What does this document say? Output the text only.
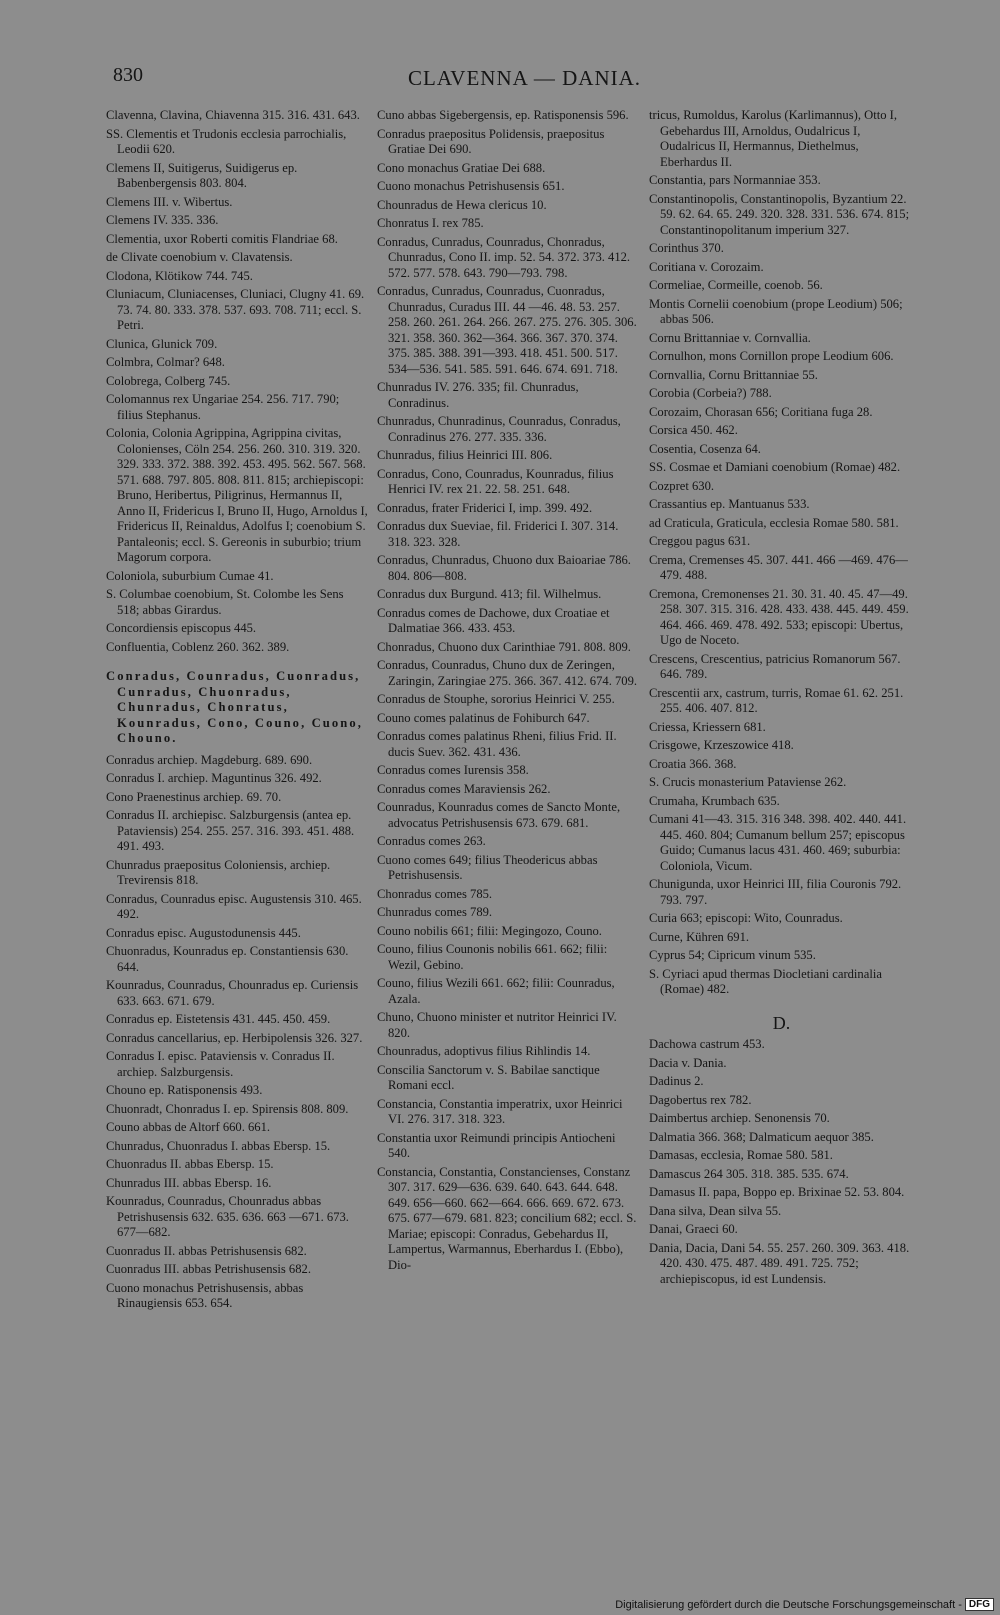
830	CLAVENNA — DANIA.
Clavenna, Clavina, Chiavenna 315. 316. 431. 643.
SS. Clementis et Trudonis ecclesia parrochialis, Leodii 620.
Clemens II, Suitigerus, Suidigerus ep. Babenbergensis 803. 804.
Clemens III. v. Wibertus.
Clemens IV. 335. 336.
Clementia, uxor Roberti comitis Flandriae 68.
de Clivate coenobium v. Clavatensis.
Clodona, Klötikow 744. 745.
Cluniacum, Cluniacenses, Cluniaci, Clugny 41. 69. 73. 74. 80. 333. 378. 537. 693. 708. 711; eccl. S. Petri.
Clunica, Glunick 709.
Colmbra, Colmar? 648.
Colobrega, Colberg 745.
Colomannus rex Ungariae 254. 256. 717. 790; filius Stephanus.
Colonia, Colonia Agrippina, Agrippina civitas, Colonienses, Cöln 254. 256. 260. 310. 319. 320. 329. 333. 372. 388. 392. 453. 495. 562. 567. 568. 571. 688. 797. 805. 808. 811. 815; archiepiscopi: Bruno, Heribertus, Piligrinus, Hermannus II, Anno II, Fridericus I, Bruno II, Hugo, Arnoldus I, Fridericus II, Reinaldus, Adolfus I; coenobium S. Pantaleonis; eccl. S. Gereonis in suburbio; trium Magorum corpora.
Coloniola, suburbium Cumae 41.
S. Columbae coenobium, St. Colombe les Sens 518; abbas Girardus.
Concordiensis episcopus 445.
Confluentia, Coblenz 260. 362. 389.
Conradus, Counradus, Cuonradus, Cunradus, Chuonradus, Chunradus, Chonratus, Kounradus, Cono, Couno, Cuono, Chouno.
Conradus archiep. Magdeburg. 689. 690.
Conradus I. archiep. Maguntinus 326. 492.
Cono Praenestinus archiep. 69. 70.
Conradus II. archiepisc. Salzburgensis (antea ep. Pataviensis) 254. 255. 257. 316. 393. 451. 488. 491. 493.
Chunradus praepositus Coloniensis, archiep. Trevirensis 818.
Conradus, Counradus episc. Augustensis 310. 465. 492.
Conradus episc. Augustodunensis 445.
Chuonradus, Kounradus ep. Constantiensis 630. 644.
Kounradus, Counradus, Chounradus ep. Curiensis 633. 663. 671. 679.
Conradus ep. Eistetensis 431. 445. 450. 459.
Conradus cancellarius, ep. Herbipolensis 326. 327.
Conradus I. episc. Pataviensis v. Conradus II. archiep. Salzburgensis.
Chouno ep. Ratisponensis 493.
Chuonradt, Chonradus I. ep. Spirensis 808. 809.
Couno abbas de Altorf 660. 661.
Chunradus, Chuonradus I. abbas Ebersp. 15.
Chuonradus II. abbas Ebersp. 15.
Chunradus III. abbas Ebersp. 16.
Kounradus, Counradus, Chounradus abbas Petrishusensis 632. 635. 636. 663 —671. 673. 677—682.
Cuonradus II. abbas Petrishusensis 682.
Cuonradus III. abbas Petrishusensis 682.
Cuono monachus Petrishusensis, abbas Rinaugiensis 653. 654.
Cuno abbas Sigebergensis, ep. Ratisponensis 596.
Conradus praepositus Polidensis, praepositus Gratiae Dei 690.
Cono monachus Gratiae Dei 688.
Cuono monachus Petrishusensis 651.
Chounradus de Hewa clericus 10.
Chonratus I. rex 785.
Conradus, Cunradus, Counradus, Chonradus, Chunradus, Cono II. imp. 52. 54. 372. 373. 412. 572. 577. 578. 643. 790—793. 798.
Conradus, Cunradus, Counradus, Cuonradus, Chunradus, Curadus III. 44 —46. 48. 53. 257. 258. 260. 261. 264. 266. 267. 275. 276. 305. 306. 321. 358. 360. 362—364. 366. 367. 370. 374. 375. 385. 388. 391—393. 418. 451. 500. 517. 534—536. 541. 585. 591. 646. 674. 691. 718.
Chunradus IV. 276. 335; fil. Chunradus, Conradinus.
Chunradus, Chunradinus, Counradus, Conradus, Conradinus 276. 277. 335. 336.
Chunradus, filius Heinrici III. 806.
Conradus, Cono, Counradus, Kounradus, filius Henrici IV. rex 21. 22. 58. 251. 648.
Conradus, frater Friderici I, imp. 399. 492.
Conradus dux Sueviae, fil. Friderici I. 307. 314. 318. 323. 328.
Conradus, Chunradus, Chuono dux Baioariae 786. 804. 806—808.
Conradus dux Burgund. 413; fil. Wilhelmus.
Conradus comes de Dachowe, dux Croatiae et Dalmatiae 366. 433. 453.
Chonradus, Chuono dux Carinthiae 791. 808. 809.
Conradus, Counradus, Chuno dux de Zeringen, Zaringin, Zaringiae 275. 366. 367. 412. 674. 709.
Conradus de Stouphe, sororius Heinrici V. 255.
Couno comes palatinus de Fohiburch 647.
Conradus comes palatinus Rheni, filius Frid. II. ducis Suev. 362. 431. 436.
Conradus comes Iurensis 358.
Conradus comes Maraviensis 262.
Counradus, Kounradus comes de Sancto Monte, advocatus Petrishusensis 673. 679. 681.
Conradus comes 263.
Cuono comes 649; filius Theodericus abbas Petrishusensis.
Chonradus comes 785.
Chunradus comes 789.
Couno nobilis 661; filii: Megingozo, Couno.
Couno, filius Counonis nobilis 661. 662; filii: Wezil, Gebino.
Couno, filius Wezili 661. 662; filii: Counradus, Azala.
Chuno, Chuono minister et nutritor Heinrici IV. 820.
Chounradus, adoptivus filius Rihlindis 14.
Conscilia Sanctorum v. S. Babilae sanctique Romani eccl.
Constancia, Constantia imperatrix, uxor Heinrici VI. 276. 317. 318. 323.
Constantia uxor Reimundi principis Antiocheni 540.
Constancia, Constantia, Constancienses, Constanz 307. 317. 629—636. 639. 640. 643. 644. 648. 649. 656—660. 662—664. 666. 669. 672. 673. 675. 677—679. 681. 823; concilium 682; eccl. S. Mariae; episcopi: Conradus, Gebehardus II, Lampertus, Warmannus, Eberhardus I. (Ebbo), Dio-
tricus, Rumoldus, Karolus (Karlimannus), Otto I, Gebehardus III, Arnoldus, Oudalricus I, Oudalricus II, Hermannus, Diethelmus, Eberhardus II.
Constantia, pars Normanniae 353.
Constantinopolis, Constantinopolis, Byzantium 22. 59. 62. 64. 65. 249. 320. 328. 331. 536. 674. 815; Constantinopolitanum imperium 327.
Corinthus 370.
Coritiana v. Corozaim.
Cormeliae, Cormeille, coenob. 56.
Montis Cornelii coenobium (prope Leodium) 506; abbas 506.
Cornu Brittanniae v. Cornvallia.
Cornulhon, mons Cornillon prope Leodium 606.
Cornvallia, Cornu Brittanniae 55.
Corobia (Corbeia?) 788.
Corozaim, Chorasan 656; Coritiana fuga 28.
Corsica 450. 462.
Cosentia, Cosenza 64.
SS. Cosmae et Damiani coenobium (Romae) 482.
Cozpret 630.
Crassantius ep. Mantuanus 533.
ad Craticula, Graticula, ecclesia Romae 580. 581.
Creggou pagus 631.
Crema, Cremenses 45. 307. 441. 466 —469. 476—479. 488.
Cremona, Cremonenses 21. 30. 31. 40. 45. 47—49. 258. 307. 315. 316. 428. 433. 438. 445. 449. 459. 464. 466. 469. 478. 492. 533; episcopi: Ubertus, Ugo de Noceto.
Crescens, Crescentius, patricius Romanorum 567. 646. 789.
Crescentii arx, castrum, turris, Romae 61. 62. 251. 255. 406. 407. 812.
Criessa, Kriessern 681.
Crisgowe, Krzeszowice 418.
Croatia 366. 368.
S. Crucis monasterium Pataviense 262.
Crumaha, Krumbach 635.
Cumani 41—43. 315. 316 348. 398. 402. 440. 441. 445. 460. 804; Cumanum bellum 257; episcopus Guido; Cumanus lacus 431. 460. 469; suburbia: Coloniola, Vicum.
Chunigunda, uxor Heinrici III, filia Couronis 792. 793. 797.
Curia 663; episcopi: Wito, Counradus.
Curne, Kühren 691.
Cyprus 54; Cipricum vinum 535.
S. Cyriaci apud thermas Diocletiani cardinalia (Romae) 482.
D.
Dachowa castrum 453.
Dacia v. Dania.
Dadinus 2.
Dagobertus rex 782.
Daimbertus archiep. Senonensis 70.
Dalmatia 366. 368; Dalmaticum aequor 385.
Damasas, ecclesia, Romae 580. 581.
Damascus 264 305. 318. 385. 535. 674.
Damasus II. papa, Boppo ep. Brixinae 52. 53. 804.
Dana silva, Dean silva 55.
Danai, Graeci 60.
Dania, Dacia, Dani 54. 55. 257. 260. 309. 363. 418. 420. 430. 475. 487. 489. 491. 725. 752; archiepiscopus, id est Lundensis.
Digitalisierung gefördert durch die Deutsche Forschungsgemeinschaft - DFG
